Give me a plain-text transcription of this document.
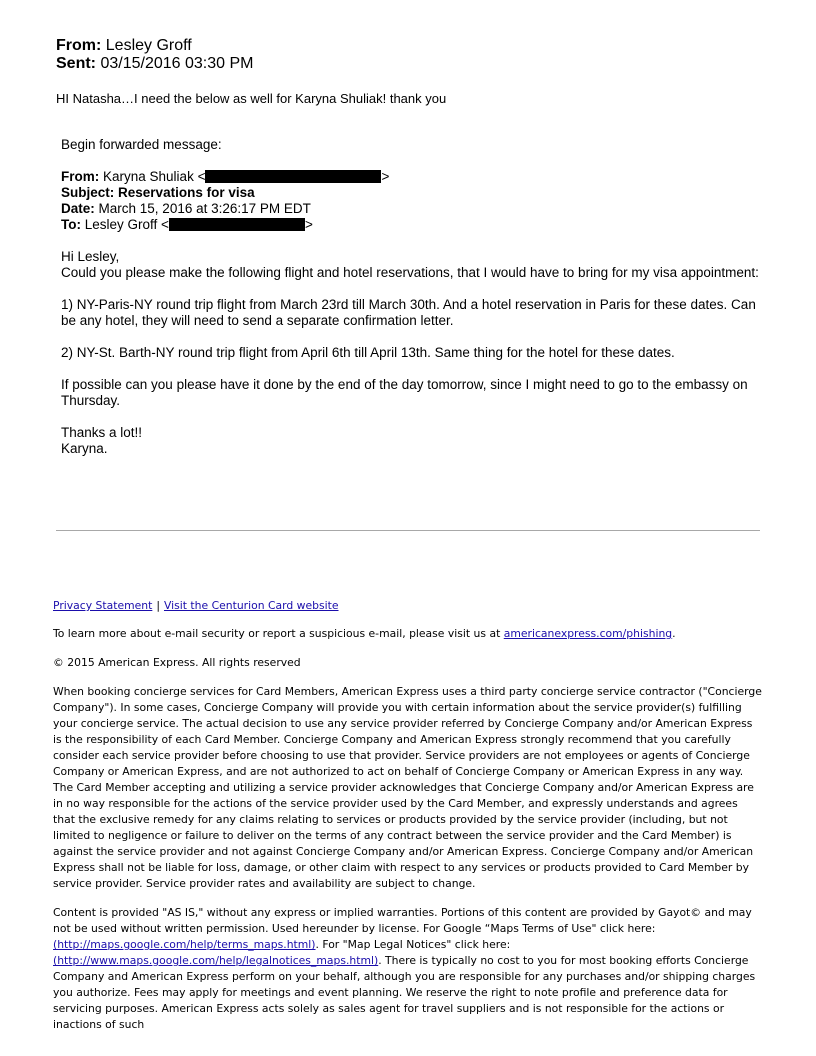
From: Lesley Groff
Sent: 03/15/2016 03:30 PM
HI Natasha…I need the below as well for Karyna Shuliak! thank you
Begin forwarded message:
From: Karyna Shuliak <	>
Subject: Reservations for visa
Date: March 15, 2016 at 3:26:17 PM EDT
To: Lesley Groff <	>

Hi Lesley,
Could you please make the following flight and hotel reservations, that I would have to bring for my visa appointment:

1) NY-Paris-NY round trip flight from March 23rd till March 30th. And a hotel reservation in Paris for these dates. Can be any hotel, they will need to send a separate confirmation letter.

2) NY-St. Barth-NY round trip flight from April 6th till April 13th. Same thing for the hotel for these dates.

If possible can you please have it done by the end of the day tomorrow, since I might need to go to the embassy on Thursday.

Thanks a lot!!
Karyna.

Privacy Statement | Visit the Centurion Card website

To learn more about e-mail security or report a suspicious e-mail, please visit us at americanexpress.com/phishing.

© 2015 American Express. All rights reserved

When booking concierge services for Card Members, American Express uses a third party concierge service contractor ("Concierge Company"). In some cases, Concierge Company will provide you with certain information about the service provider(s) fulfilling your concierge service. The actual decision to use any service provider referred by Concierge Company and/or American Express is the responsibility of each Card Member. Concierge Company and American Express strongly recommend that you carefully consider each service provider before choosing to use that provider. Service providers are not employees or agents of Concierge Company or American Express, and are not authorized to act on behalf of Concierge Company or American Express in any way. The Card Member accepting and utilizing a service provider acknowledges that Concierge Company and/or American Express are in no way responsible for the actions of the service provider used by the Card Member, and expressly understands and agrees that the exclusive remedy for any claims relating to services or products provided by the service provider (including, but not limited to negligence or failure to deliver on the terms of any contract between the service provider and the Card Member) is against the service provider and not against Concierge Company and/or American Express. Concierge Company and/or American Express shall not be liable for loss, damage, or other claim with respect to any services or products provided to Card Member by service provider. Service provider rates and availability are subject to change.

Content is provided "AS IS," without any express or implied warranties. Portions of this content are provided by Gayot© and may not be used without written permission. Used hereunder by license. For Google “Maps Terms of Use" click here: (http://maps.google.com/help/terms_maps.html). For "Map Legal Notices" click here: (http://www.maps.google.com/help/legalnotices_maps.html). There is typically no cost to you for most booking efforts Concierge Company and American Express perform on your behalf, although you are responsible for any purchases and/or shipping charges you authorize. Fees may apply for meetings and event planning. We reserve the right to note profile and preference data for servicing purposes. American Express acts solely as sales agent for travel suppliers and is not responsible for the actions or inactions of such
